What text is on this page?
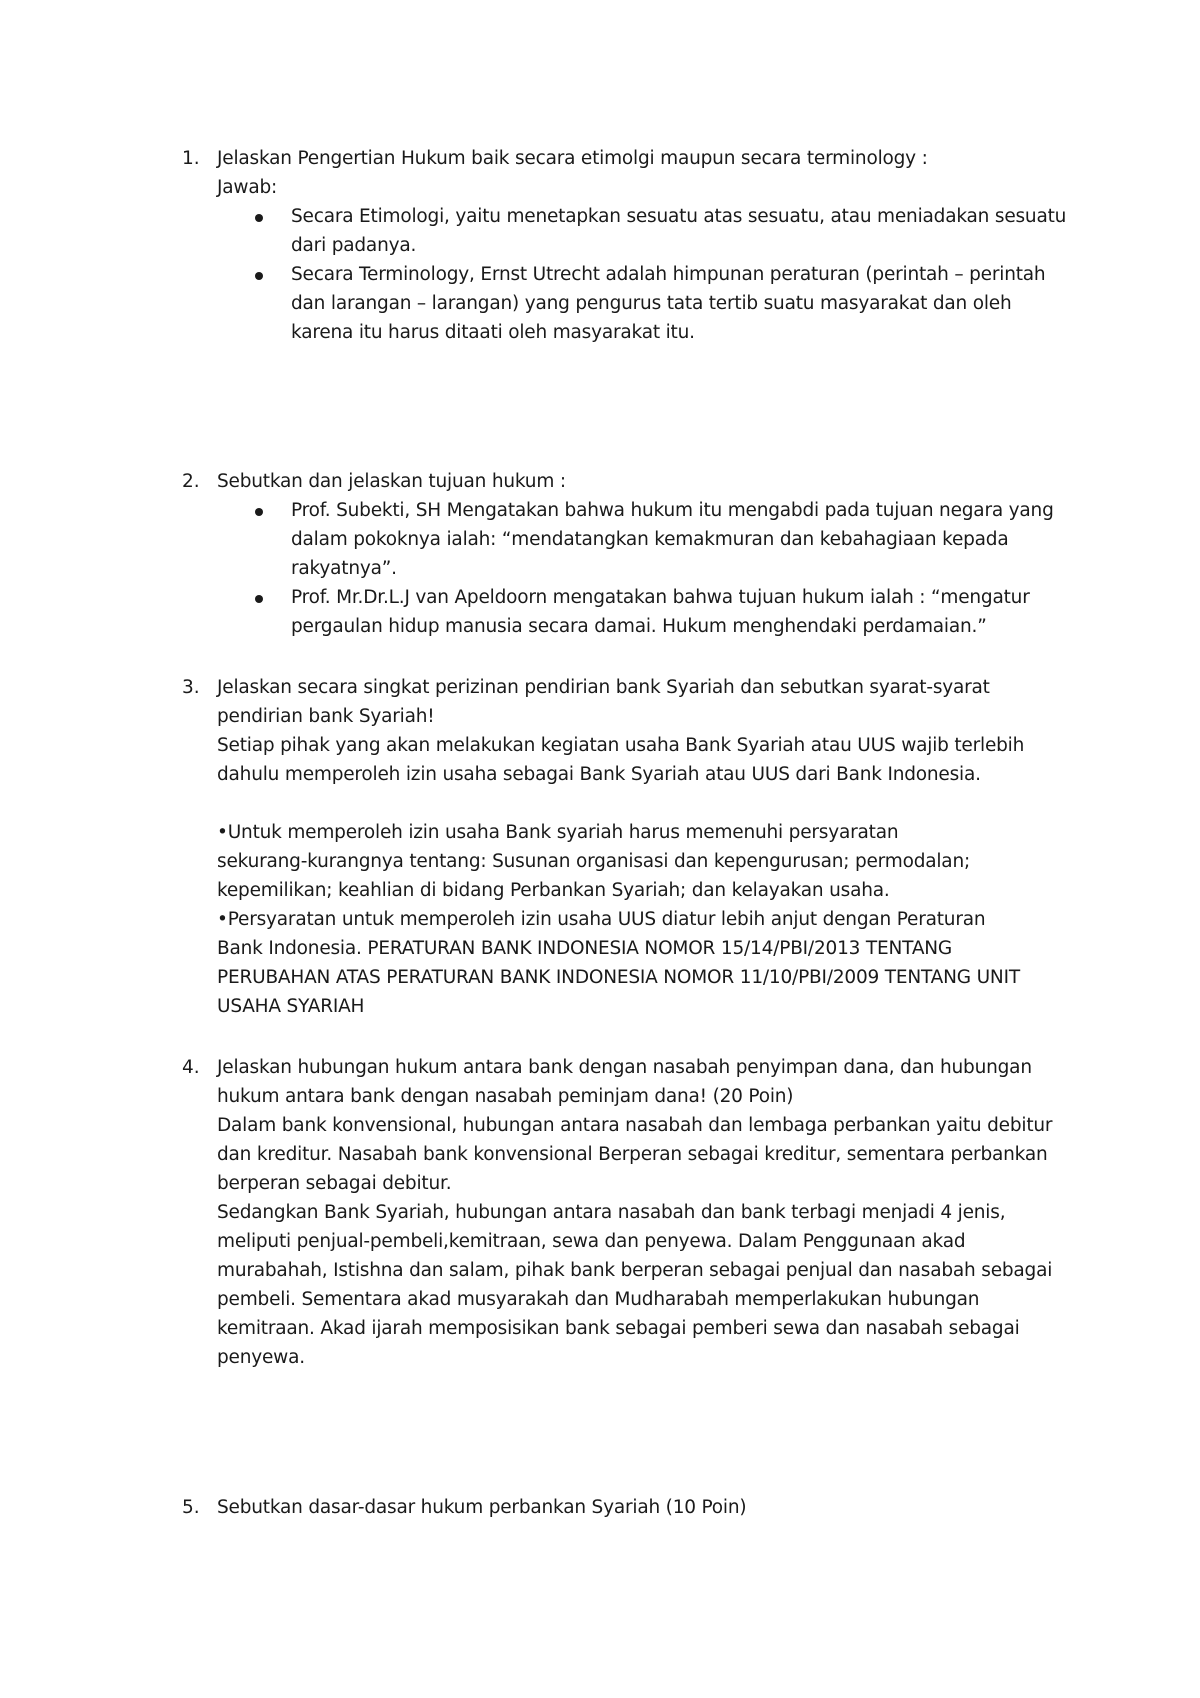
1. Jelaskan Pengertian Hukum baik secara etimolgi maupun secara terminology :
Jawab:
Secara Etimologi, yaitu menetapkan sesuatu atas sesuatu, atau meniadakan sesuatu
dari padanya.
Secara Terminology, Ernst Utrecht adalah himpunan peraturan (perintah – perintah
dan larangan – larangan) yang pengurus tata tertib suatu masyarakat dan oleh
karena itu harus ditaati oleh masyarakat itu.
2. Sebutkan dan jelaskan tujuan hukum :
Prof. Subekti, SH Mengatakan bahwa hukum itu mengabdi pada tujuan negara yang
dalam pokoknya ialah: “mendatangkan kemakmuran dan kebahagiaan kepada
rakyatnya”.
Prof. Mr.Dr.L.J van Apeldoorn mengatakan bahwa tujuan hukum ialah : “mengatur
pergaulan hidup manusia secara damai. Hukum menghendaki perdamaian.”
3. Jelaskan secara singkat perizinan pendirian bank Syariah dan sebutkan syarat-syarat
pendirian bank Syariah!
Setiap pihak yang akan melakukan kegiatan usaha Bank Syariah atau UUS wajib terlebih
dahulu memperoleh izin usaha sebagai Bank Syariah atau UUS dari Bank Indonesia.
•Untuk memperoleh izin usaha Bank syariah harus memenuhi persyaratan
sekurang-kurangnya tentang: Susunan organisasi dan kepengurusan; permodalan;
kepemilikan; keahlian di bidang Perbankan Syariah; dan kelayakan usaha.
•Persyaratan untuk memperoleh izin usaha UUS diatur lebih anjut dengan Peraturan
Bank Indonesia. PERATURAN BANK INDONESIA NOMOR 15/14/PBI/2013 TENTANG
PERUBAHAN ATAS PERATURAN BANK INDONESIA NOMOR 11/10/PBI/2009 TENTANG UNIT
USAHA SYARIAH
4. Jelaskan hubungan hukum antara bank dengan nasabah penyimpan dana, dan hubungan
hukum antara bank dengan nasabah peminjam dana! (20 Poin)
Dalam bank konvensional, hubungan antara nasabah dan lembaga perbankan yaitu debitur
dan kreditur. Nasabah bank konvensional Berperan sebagai kreditur, sementara perbankan
berperan sebagai debitur.
Sedangkan Bank Syariah, hubungan antara nasabah dan bank terbagi menjadi 4 jenis,
meliputi penjual-pembeli,kemitraan, sewa dan penyewa. Dalam Penggunaan akad
murabahah, Istishna dan salam, pihak bank berperan sebagai penjual dan nasabah sebagai
pembeli. Sementara akad musyarakah dan Mudharabah memperlakukan hubungan
kemitraan. Akad ijarah memposisikan bank sebagai pemberi sewa dan nasabah sebagai
penyewa.
5. Sebutkan dasar-dasar hukum perbankan Syariah (10 Poin)
